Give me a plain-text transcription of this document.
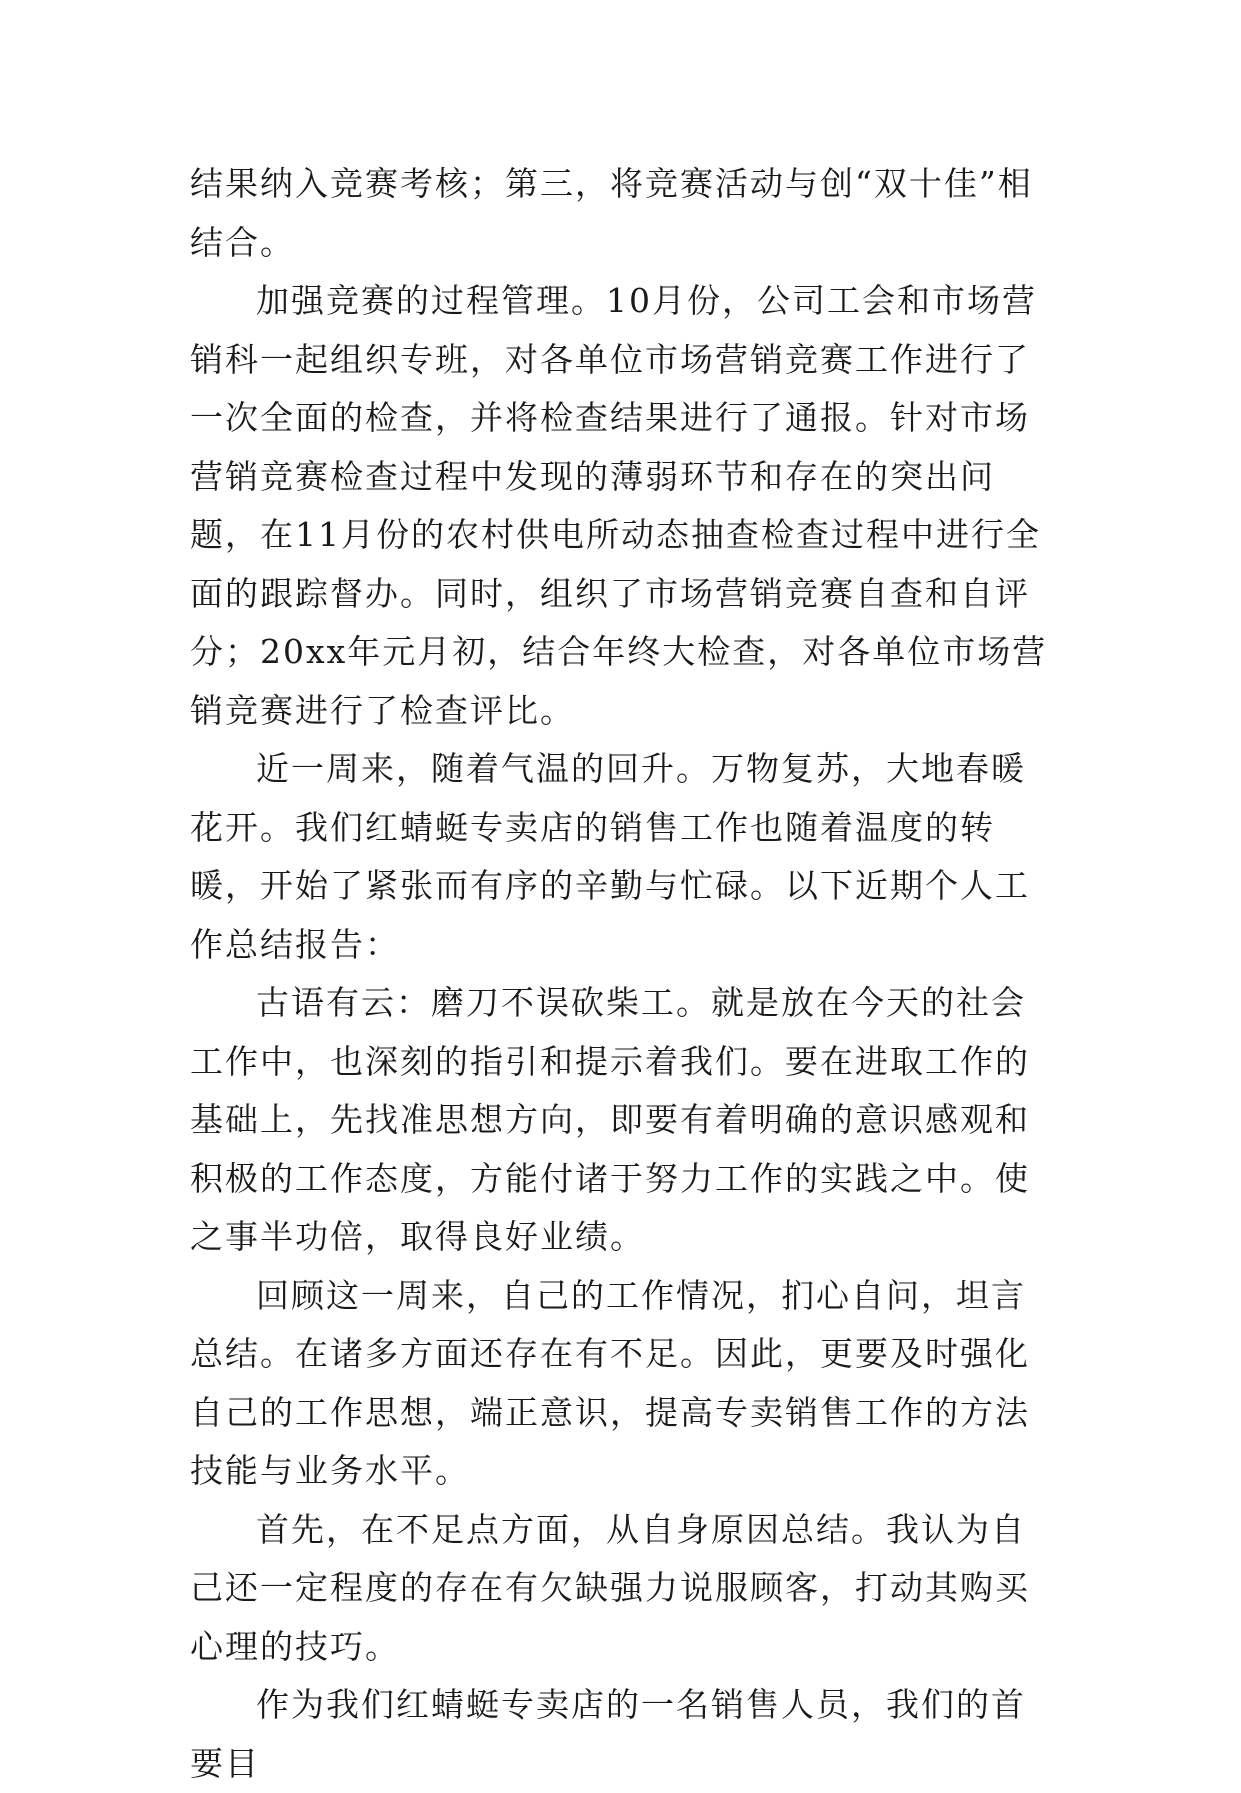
结果纳入竞赛考核；第三，将竞赛活动与创“双十佳”相结合。

加强竞赛的过程管理。10月份，公司工会和市场营销科一起组织专班，对各单位市场营销竞赛工作进行了一次全面的检查，并将检查结果进行了通报。针对市场营销竞赛检查过程中发现的薄弱环节和存在的突出问题，在11月份的农村供电所动态抽查检查过程中进行全面的跟踪督办。同时，组织了市场营销竞赛自查和自评分；20xx年元月初，结合年终大检查，对各单位市场营销竞赛进行了检查评比。

近一周来，随着气温的回升。万物复苏，大地春暖花开。我们红蜻蜓专卖店的销售工作也随着温度的转暖，开始了紧张而有序的辛勤与忙碌。以下近期个人工作总结报告：

古语有云：磨刀不误砍柴工。就是放在今天的社会工作中，也深刻的指引和提示着我们。要在进取工作的基础上，先找准思想方向，即要有着明确的意识感观和积极的工作态度，方能付诸于努力工作的实践之中。使之事半功倍，取得良好业绩。

回顾这一周来，自己的工作情况，扪心自问，坦言总结。在诸多方面还存在有不足。因此，更要及时强化自己的工作思想，端正意识，提高专卖销售工作的方法技能与业务水平。

首先，在不足点方面，从自身原因总结。我认为自己还一定程度的存在有欠缺强力说服顾客，打动其购买心理的技巧。

作为我们红蜻蜓专卖店的一名销售人员，我们的首要目
